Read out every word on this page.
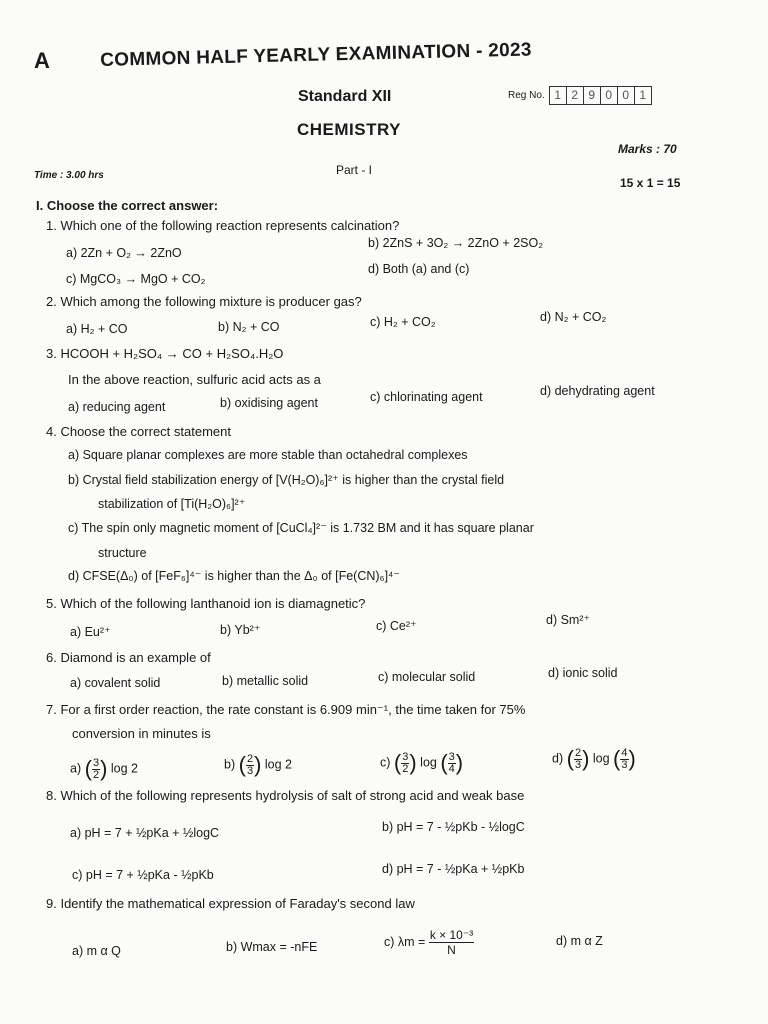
A	COMMON HALF YEARLY EXAMINATION - 2023
Standard XII
CHEMISTRY
Reg No. 1 2 9 0 0 1
Marks : 70
Part - I
Time : 3.00 hrs
15 x 1 = 15
I. Choose the correct answer:
1. Which one of the following reaction represents calcination?
a) 2Zn + O₂ → 2ZnO
b) 2ZnS + 3O₂ → 2ZnO + 2SO₂
c) MgCO₃ → MgO + CO₂
d) Both (a) and (c)
2. Which among the following mixture is producer gas?
a) H₂ + CO	b) N₂ + CO	c) H₂ + CO₂	d) N₂ + CO₂
3. HCOOH + H₂SO₄ → CO + H₂SO₄.H₂O
In the above reaction, sulfuric acid acts as a
a) reducing agent	b) oxidising agent	c) chlorinating agent	d) dehydrating agent
4. Choose the correct statement
a) Square planar complexes are more stable than octahedral complexes
b) Crystal field stabilization energy of [V(H₂O)₆]²⁺ is higher than the crystal field
stabilization of [Ti(H₂O)₆]²⁺
c) The spin only magnetic moment of [CuCl₄]²⁻ is 1.732 BM and it has square planar
structure
d) CFSE(Δ₀) of [FeF₆]⁴⁻ is higher than the Δ₀ of [Fe(CN)₆]⁴⁻
5. Which of the following lanthanoid ion is diamagnetic?
a) Eu²⁺	b) Yb²⁺	c) Ce²⁺	d) Sm²⁺
6. Diamond is an example of
a) covalent solid	b) metallic solid	c) molecular solid	d) ionic solid
7. For a first order reaction, the rate constant is 6.909 min⁻¹, the time taken for 75%
conversion in minutes is
a) ( $\frac{3}{2}$ ) log 2	b) ( $\frac{2}{3}$ ) log 2	c) ( $\frac{3}{2}$ ) log ( $\frac{3}{4}$ )	d) ( $\frac{2}{3}$ ) log ( $\frac{4}{3}$ )
8. Which of the following represents hydrolysis of salt of strong acid and weak base
a) pH = 7 + ½pKa + ½logC	b) pH = 7 - ½pKb - ½logC
c) pH = 7 + ½pKa - ½pKb	d) pH = 7 - ½pKa + ½pKb
9. Identify the mathematical expression of Faraday's second law
a) m α Q	b) Wmax = -nFE	c) $\lambda m = \frac{\text{k × 10⁻³}}{N}$	d) m α Z
